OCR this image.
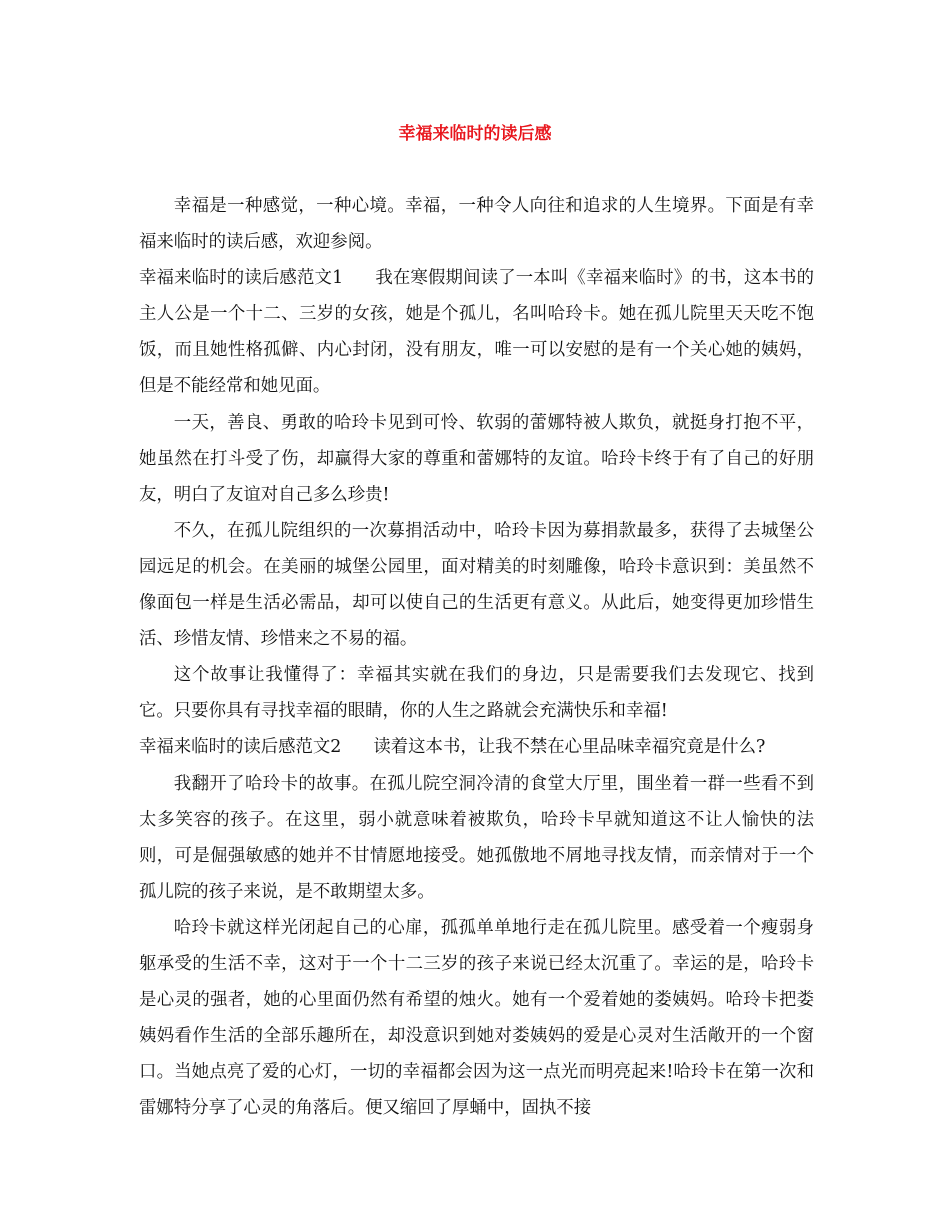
幸福来临时的读后感

幸福是一种感觉，一种心境。幸福，一种令人向往和追求的人生境界。下面是有幸福来临时的读后感，欢迎参阅。

幸福来临时的读后感范文1 我在寒假期间读了一本叫《幸福来临时》的书，这本书的主人公是一个十二、三岁的女孩，她是个孤儿，名叫哈玲卡。她在孤儿院里天天吃不饱饭，而且她性格孤僻、内心封闭，没有朋友，唯一可以安慰的是有一个关心她的姨妈，但是不能经常和她见面。

一天，善良、勇敢的哈玲卡见到可怜、软弱的蕾娜特被人欺负，就挺身打抱不平，她虽然在打斗受了伤，却赢得大家的尊重和蕾娜特的友谊。哈玲卡终于有了自己的好朋友，明白了友谊对自己多么珍贵!

不久，在孤儿院组织的一次募捐活动中，哈玲卡因为募捐款最多，获得了去城堡公园远足的机会。在美丽的城堡公园里，面对精美的时刻雕像，哈玲卡意识到：美虽然不像面包一样是生活必需品，却可以使自己的生活更有意义。从此后，她变得更加珍惜生活、珍惜友情、珍惜来之不易的福。

这个故事让我懂得了：幸福其实就在我们的身边，只是需要我们去发现它、找到它。只要你具有寻找幸福的眼睛，你的人生之路就会充满快乐和幸福!

幸福来临时的读后感范文2 读着这本书，让我不禁在心里品味幸福究竟是什么?

我翻开了哈玲卡的故事。在孤儿院空洞冷清的食堂大厅里，围坐着一群一些看不到太多笑容的孩子。在这里，弱小就意味着被欺负，哈玲卡早就知道这不让人愉快的法则，可是倔强敏感的她并不甘情愿地接受。她孤傲地不屑地寻找友情，而亲情对于一个孤儿院的孩子来说，是不敢期望太多。

哈玲卡就这样光闭起自己的心扉，孤孤单单地行走在孤儿院里。感受着一个瘦弱身躯承受的生活不幸，这对于一个十二三岁的孩子来说已经太沉重了。幸运的是，哈玲卡是心灵的强者，她的心里面仍然有希望的烛火。她有一个爱着她的娄姨妈。哈玲卡把娄姨妈看作生活的全部乐趣所在，却没意识到她对娄姨妈的爱是心灵对生活敞开的一个窗口。当她点亮了爱的心灯，一切的幸福都会因为这一点光而明亮起来!哈玲卡在第一次和雷娜特分享了心灵的角落后。便又缩回了厚蛹中，固执不接
